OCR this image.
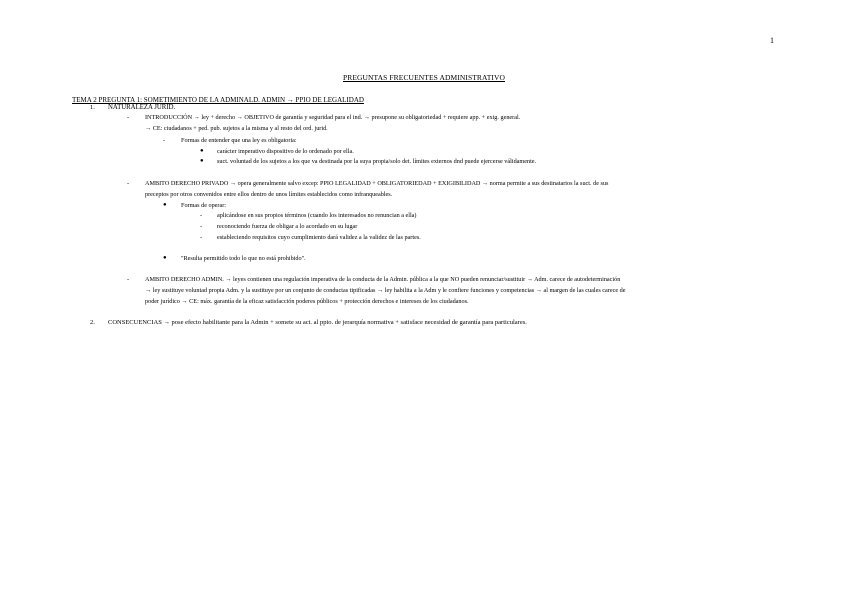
1
PREGUNTAS FRECUENTES ADMINISTRATIVO
TEMA 2 PREGUNTA 1: SOMETIMIENTO DE LA ADMINALD. ADMIN → PPIO DE LEGALIDAD
1. NATURALEZA JURID.
-	INTRODUCCIÓN → ley + derecho → OBJETIVO de garantía y seguridad para el ind. → presupone su obligatoriedad + requiere app. + exig. general.
→ CE: ciudadanos + ped. pub. sujetos a la misma y al resto del ord. jurid.
-	Formas de entender que una ley es obligatoria:
● carácter imperativo dispositivo de lo ordenado por ella.
● suct. voluntad de los sujetos a los que va destinada por la suya propia/solo det. límites externos dnd puede ejercerse válidamente.
-	AMBITO DERECHO PRIVADO → opera generalmente salvo excep: PPIO LEGALIDAD + OBLIGATORIEDAD + EXIGIBILIDAD → norma permite a sus destinatarios la suct. de sus
preceptos por otros convenidos entre ellos dentro de unos límites establecidos como infranqueables.
● Formas de operar:
- aplicándose en sus propios términos (cuando los interesados no renuncian a ella)
- reconociendo fuerza de obligar a lo acordado en su lugar
- estableciendo requisitos cuyo cumplimiento dará validez a la validez de las partes.
● "Resulta permitido todo lo que no está prohibido".
-	AMBITO DERECHO ADMIN. → leyes contienen una regulación imperativa de la conducta de la Admin. pública a la que NO pueden renunciar/sustituir → Adm. carece de autodeterminación
→ ley sustituye voluntad propia Adm. y la sustituye por un conjunto de conductas tipificadas → ley habilita a la Adm y le confiere funciones y competencias → al margen de las cuales carece de
poder jurídico → CE: máx. garantía de la eficaz satisfacción poderes públicos + protección derechos e intereses de los ciudadanos.
2. CONSECUENCIAS → pose efecto habilitante para la Admin + somete su act. al ppio. de jerarquía normativa + satisface necesidad de garantía para particulares.
